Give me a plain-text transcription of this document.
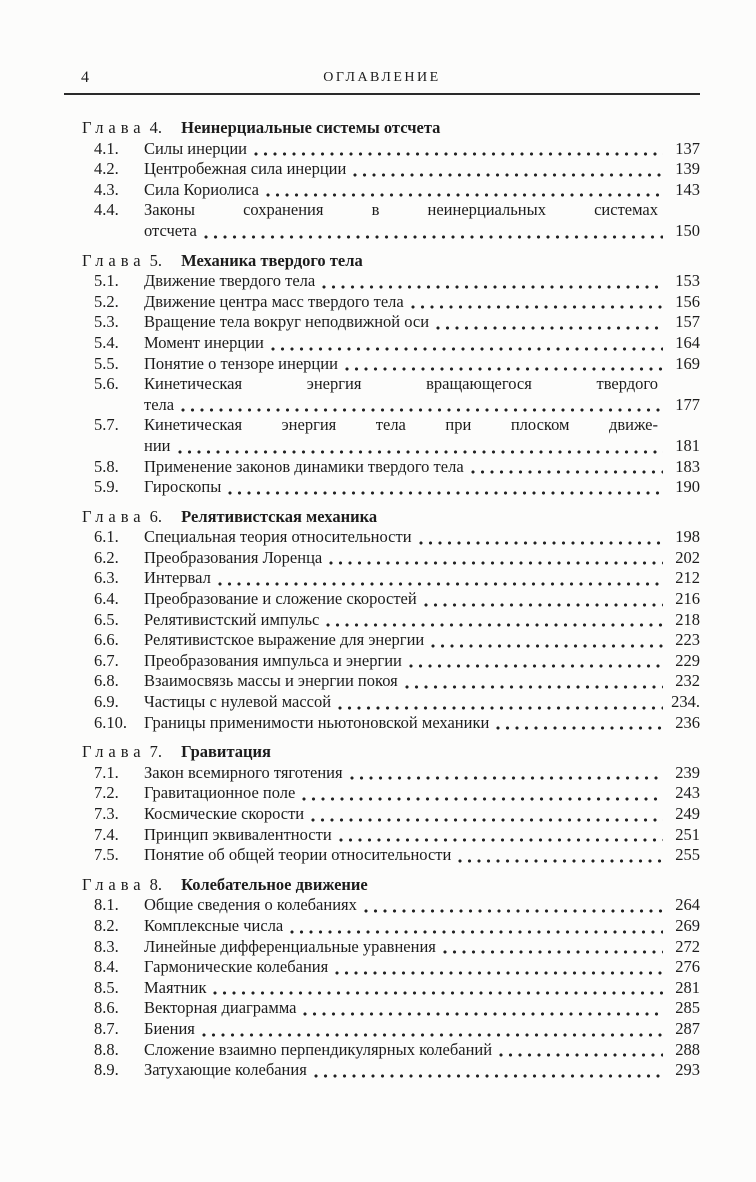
4	ОГЛАВЛЕНИЕ
Глава 4. Неинерциальные системы отсчета
4.1.	Силы инерции	137
4.2.	Центробежная сила инерции	139
4.3.	Сила Кориолиса	143
4.4.	Законы сохранения в неинерциальных системах
отсчета	150
Глава 5. Механика твердого тела
5.1.	Движение твердого тела	153
5.2.	Движение центра масс твердого тела	156
5.3.	Вращение тела вокруг неподвижной оси	157
5.4.	Момент инерции	164
5.5.	Понятие о тензоре инерции	169
5.6.	Кинетическая энергия вращающегося твердого
тела	177
5.7.	Кинетическая энергия тела при плоском движе-
нии	181
5.8.	Применение законов динамики твердого тела	183
5.9.	Гироскопы	190
Глава 6. Релятивистская механика
6.1.	Специальная теория относительности	198
6.2.	Преобразования Лоренца	202
6.3.	Интервал	212
6.4.	Преобразование и сложение скоростей	216
6.5.	Релятивистский импульс	218
6.6.	Релятивистское выражение для энергии	223
6.7.	Преобразования импульса и энергии	229
6.8.	Взаимосвязь массы и энергии покоя	232
6.9.	Частицы с нулевой массой	234.
6.10.	Границы применимости ньютоновской механики	236
Глава 7. Гравитация
7.1.	Закон всемирного тяготения	239
7.2.	Гравитационное поле	243
7.3.	Космические скорости	249
7.4.	Принцип эквивалентности	251
7.5.	Понятие об общей теории относительности	255
Глава 8. Колебательное движение
8.1.	Общие сведения о колебаниях	264
8.2.	Комплексные числа	269
8.3.	Линейные дифференциальные уравнения	272
8.4.	Гармонические колебания	276
8.5.	Маятник	281
8.6.	Векторная диаграмма	285
8.7.	Биения	287
8.8.	Сложение взаимно перпендикулярных колебаний	288
8.9.	Затухающие колебания	293
